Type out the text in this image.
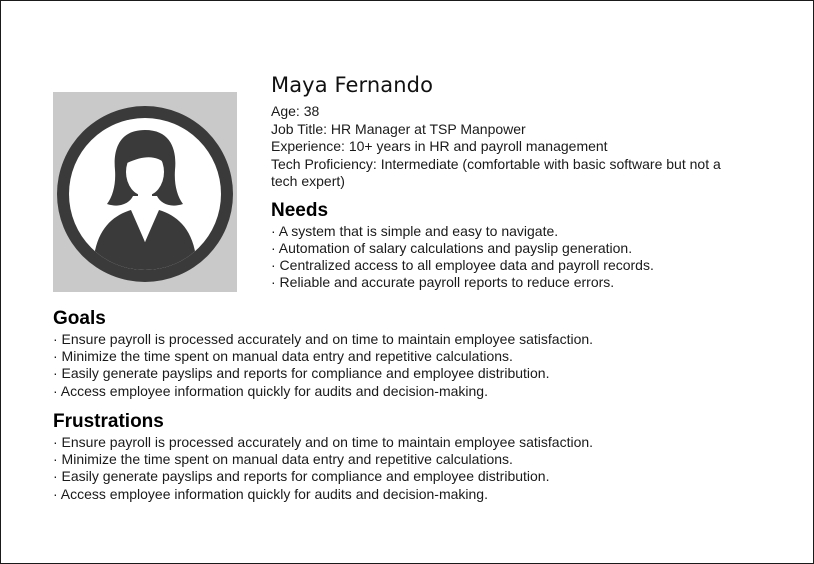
Maya Fernando
Age: 38
Job Title: HR Manager at TSP Manpower
Experience: 10+ years in HR and payroll management
Tech Proficiency: Intermediate (comfortable with basic software but not a
tech expert)
Needs
· A system that is simple and easy to navigate.
· Automation of salary calculations and payslip generation.
· Centralized access to all employee data and payroll records.
· Reliable and accurate payroll reports to reduce errors.
Goals
· Ensure payroll is processed accurately and on time to maintain employee satisfaction.
· Minimize the time spent on manual data entry and repetitive calculations.
· Easily generate payslips and reports for compliance and employee distribution.
· Access employee information quickly for audits and decision-making.
Frustrations
· Ensure payroll is processed accurately and on time to maintain employee satisfaction.
· Minimize the time spent on manual data entry and repetitive calculations.
· Easily generate payslips and reports for compliance and employee distribution.
· Access employee information quickly for audits and decision-making.
